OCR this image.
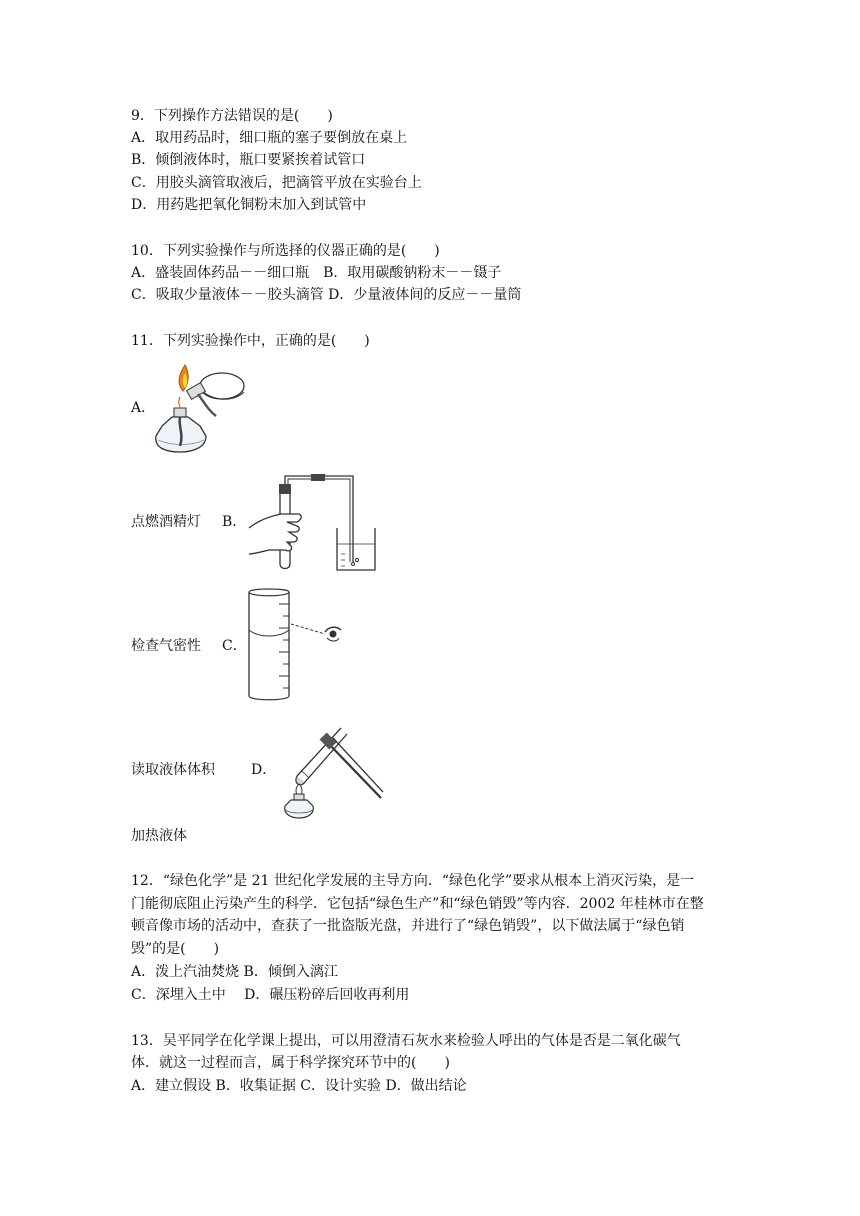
9．下列操作方法错误的是(　　)
A．取用药品时，细口瓶的塞子要倒放在桌上
B．倾倒液体时，瓶口要紧挨着试管口
C．用胶头滴管取液后，把滴管平放在实验台上
D．用药匙把氧化铜粉末加入到试管中
10．下列实验操作与所选择的仪器正确的是(　　)
A．盛装固体药品－－细口瓶　B．取用碳酸钠粉末－－镊子
C．吸取少量液体－－胶头滴管 D．少量液体间的反应－－量筒
11．下列实验操作中，正确的是(　　)
A．
点燃酒精灯 B．
检查气密性 C．
读取液体体积	D．
加热液体
12．“绿色化学”是 21 世纪化学发展的主导方向．“绿色化学”要求从根本上消灭污染，是一
门能彻底阻止污染产生的科学．它包括“绿色生产”和“绿色销毁”等内容．2002 年桂林市在整
顿音像市场的活动中，查获了一批盗版光盘，并进行了“绿色销毁”，以下做法属于“绿色销
毁”的是(　　)
A．泼上汽油焚烧 B．倾倒入漓江
C．深埋入土中　 D．碾压粉碎后回收再利用
13．吴平同学在化学课上提出，可以用澄清石灰水来检验人呼出的气体是否是二氧化碳气
体．就这一过程而言，属于科学探究环节中的(　　)
A．建立假设 B．收集证据 C．设计实验 D．做出结论
